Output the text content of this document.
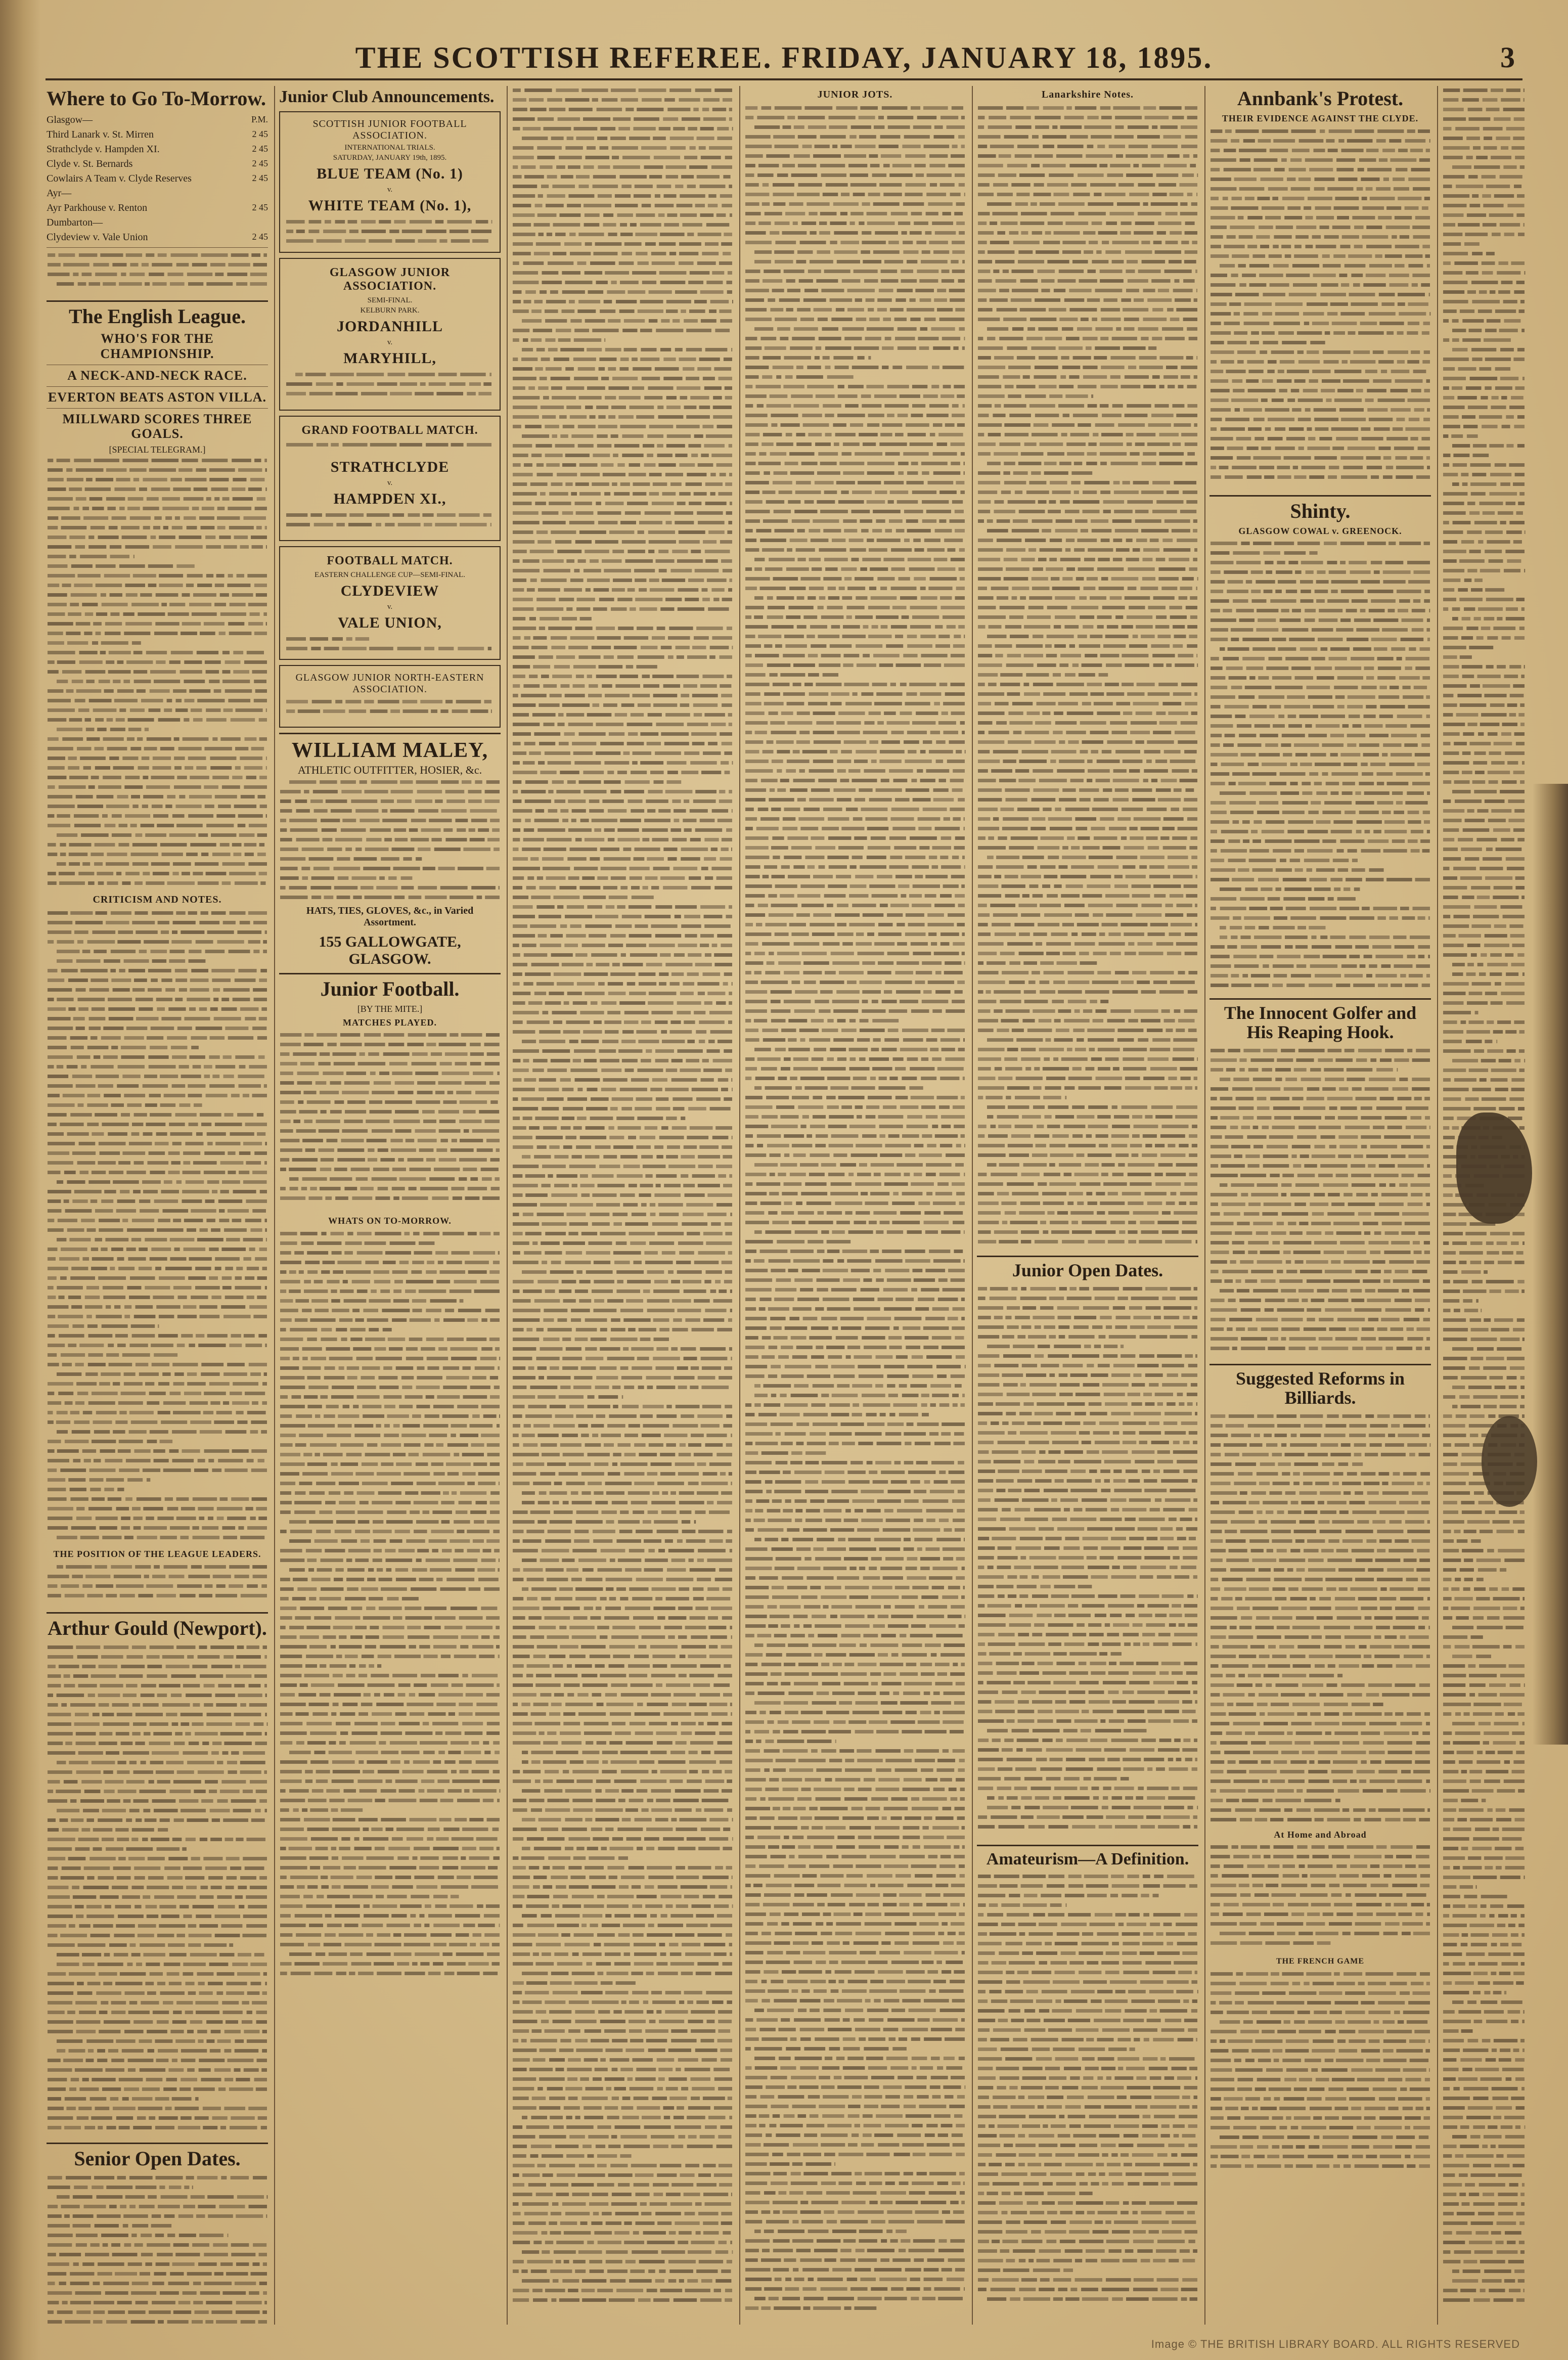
THE SCOTTISH REFEREE. FRIDAY, JANUARY 18, 1895.	3
Where to Go To-Morrow.
Glasgow—	P.M.
Third Lanark v. St. Mirren	2 45
Strathclyde v. Hampden XI.	2 45
Clyde v. St. Bernards	2 45
Cowlairs A Team v. Clyde Reserves	2 45
Ayr—
Ayr Parkhouse v. Renton	2 45
Dumbarton—
Clydeview v. Vale Union	2 45
The English League.
WHO'S FOR THE CHAMPIONSHIP.
A NECK-AND-NECK RACE.
EVERTON BEATS ASTON VILLA.
MILLWARD SCORES THREE GOALS.
[SPECIAL TELEGRAM.]
CRITICISM AND NOTES.
THE POSITION OF THE LEAGUE LEADERS.
Arthur Gould (Newport).
Senior Open Dates.
Junior Club Announcements.
SCOTTISH JUNIOR FOOTBALL ASSOCIATION.
INTERNATIONAL TRIALS.
SATURDAY, JANUARY 19th, 1895.
BLUE TEAM (No. 1)
v.
WHITE TEAM (No. 1),
GLASGOW JUNIOR ASSOCIATION.
SEMI-FINAL.
KELBURN PARK.
JORDANHILL
v.
MARYHILL,
GRAND FOOTBALL MATCH.
STRATHCLYDE
v.
HAMPDEN XI.,
FOOTBALL MATCH.
EASTERN CHALLENGE CUP—SEMI-FINAL.
CLYDEVIEW
v.
VALE UNION,
GLASGOW JUNIOR NORTH-EASTERN ASSOCIATION.
WILLIAM MALEY,
ATHLETIC OUTFITTER, HOSIER, &c.
HATS, TIES, GLOVES, &c., in Varied Assortment.
155 GALLOWGATE, GLASGOW.
Junior Football.
[BY THE MITE.]
MATCHES PLAYED.
WHATS ON TO-MORROW.
JUNIOR JOTS.	Lanarkshire Notes.
Junior Open Dates.
Amateurism—A Definition.
Annbank's Protest.
THEIR EVIDENCE AGAINST THE CLYDE.
Shinty.
GLASGOW COWAL v. GREENOCK.
The Innocent Golfer and His Reaping Hook.
Suggested Reforms in Billiards.
At Home and Abroad
THE FRENCH GAME
Image © THE BRITISH LIBRARY BOARD. ALL RIGHTS RESERVED
